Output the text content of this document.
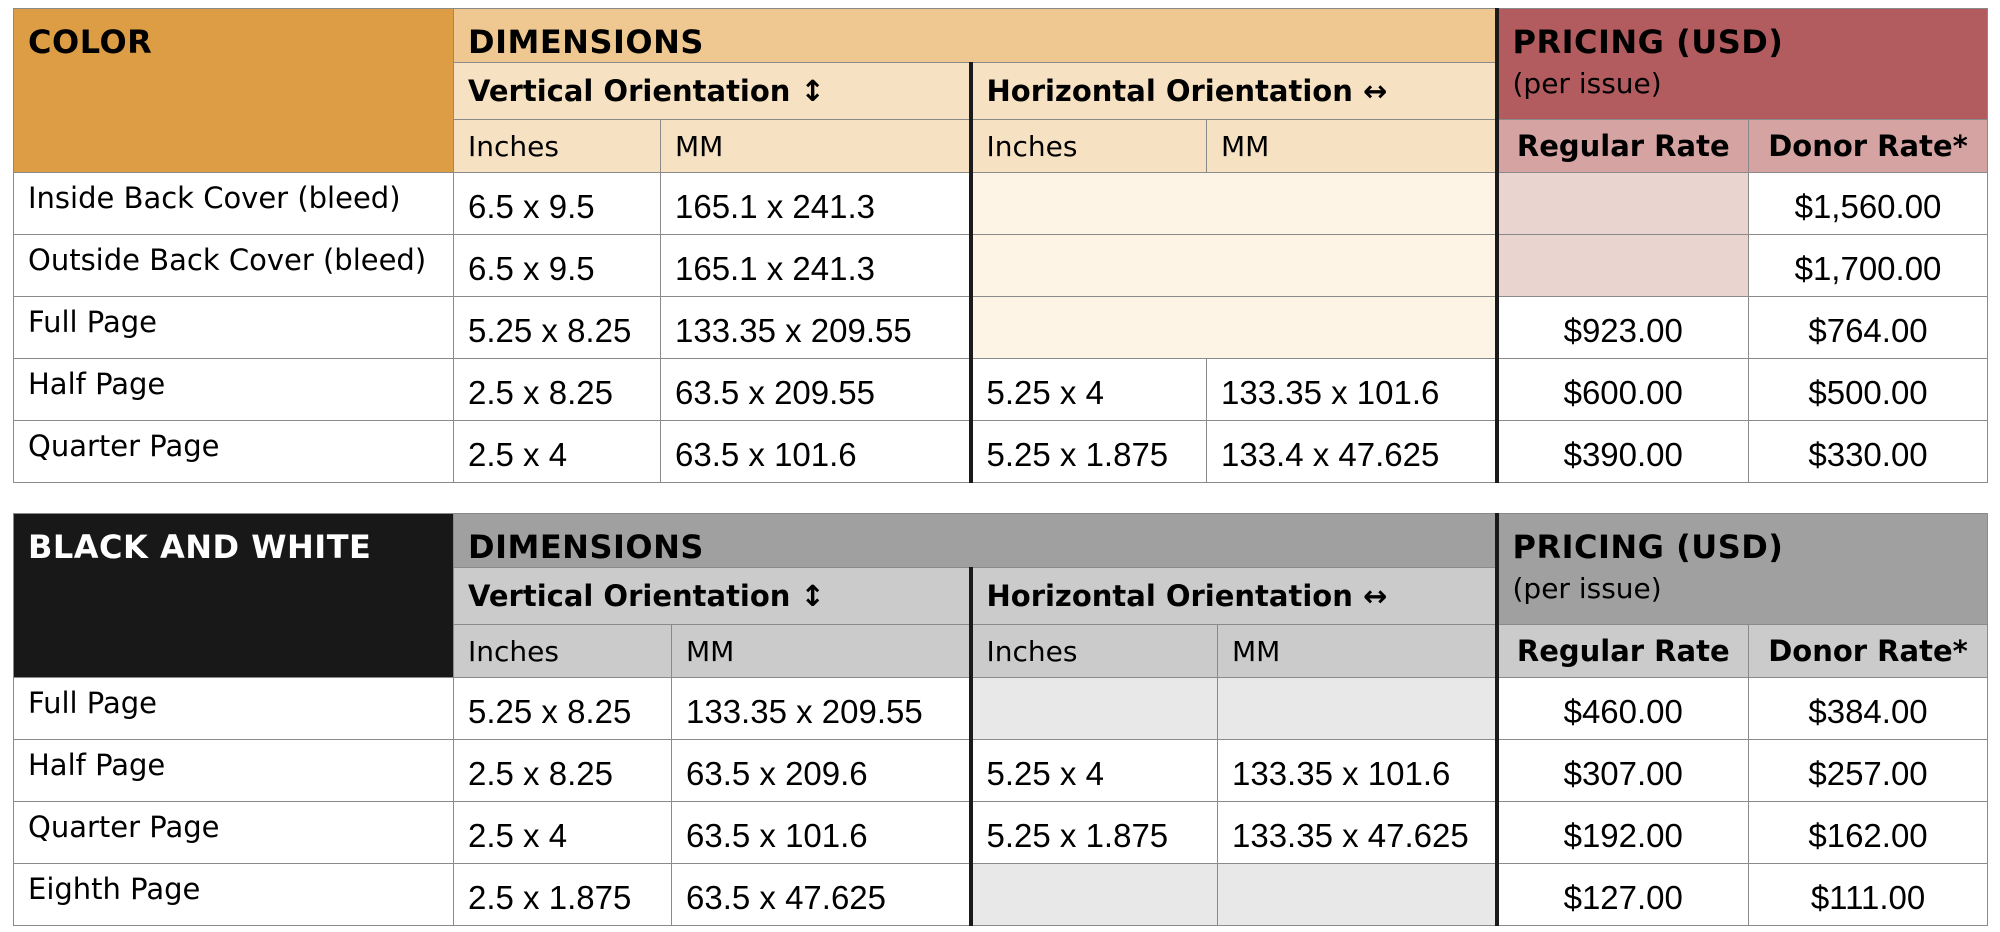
COLOR	DIMENSIONS				PRICING (USD)
(per issue)	

	Vertical Orientation ↕		Horizontal Orientation ↔			
	Inches	MM	Inches	MM	Regular Rate	Donor Rate*
Inside Back Cover (bleed)	6.5 x 9.5	165.1 x 241.3				$1,560.00
Outside Back Cover (bleed)	6.5 x 9.5	165.1 x 241.3				$1,700.00
Full Page	5.25 x 8.25	133.35 x 209.55			$923.00	$764.00
Half Page	2.5 x 8.25	63.5 x 209.55	5.25 x 4	133.35 x 101.6	$600.00	$500.00
Quarter Page	2.5 x 4	63.5 x 101.6	5.25 x 1.875	133.4 x 47.625	$390.00	$330.00
BLACK AND WHITE	DIMENSIONS				PRICING (USD)
(per issue)	

	Vertical Orientation ↕		Horizontal Orientation ↔			
	Inches	MM	Inches	MM	Regular Rate	Donor Rate*
Full Page	5.25 x 8.25	133.35 x 209.55			$460.00	$384.00
Half Page	2.5 x 8.25	63.5 x 209.6	5.25 x 4	133.35 x 101.6	$307.00	$257.00
Quarter Page	2.5 x 4	63.5 x 101.6	5.25 x 1.875	133.35 x 47.625	$192.00	$162.00
Eighth Page	2.5 x 1.875	63.5 x 47.625			$127.00	$111.00
